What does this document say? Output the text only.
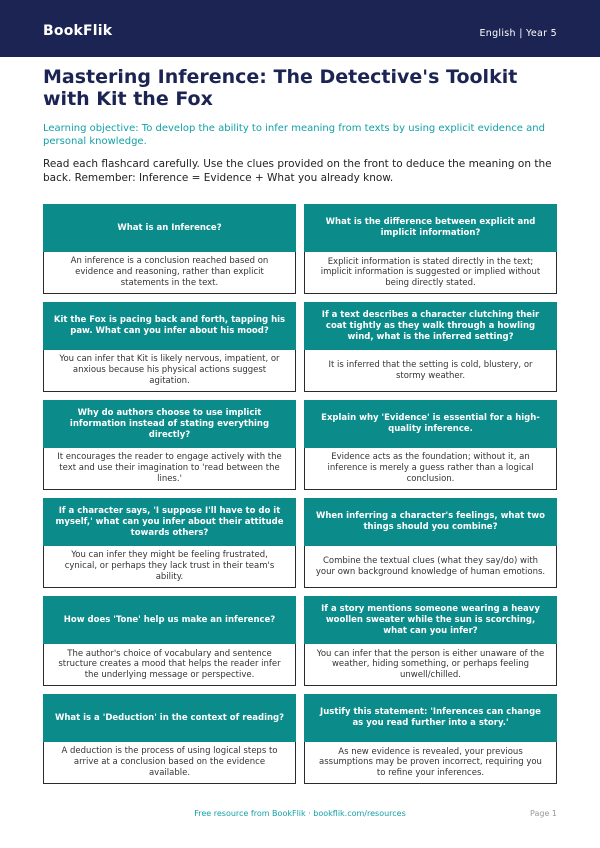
BookFlik	English | Year 5
Mastering Inference: The Detective's Toolkit with Kit the Fox

Learning objective: To develop the ability to infer meaning from texts by using explicit evidence and personal knowledge.

Read each flashcard carefully. Use the clues provided on the front to deduce the meaning on the back. Remember: Inference = Evidence + What you already know.

What is an Inference?
An inference is a conclusion reached based on evidence and reasoning, rather than explicit statements in the text.
What is the difference between explicit and implicit information?
Explicit information is stated directly in the text; implicit information is suggested or implied without being directly stated.
Kit the Fox is pacing back and forth, tapping his paw. What can you infer about his mood?
You can infer that Kit is likely nervous, impatient, or anxious because his physical actions suggest agitation.
If a text describes a character clutching their coat tightly as they walk through a howling wind, what is the inferred setting?
It is inferred that the setting is cold, blustery, or stormy weather.
Why do authors choose to use implicit information instead of stating everything directly?
It encourages the reader to engage actively with the text and use their imagination to 'read between the lines.'
Explain why 'Evidence' is essential for a high-quality inference.
Evidence acts as the foundation; without it, an inference is merely a guess rather than a logical conclusion.
If a character says, 'I suppose I'll have to do it myself,' what can you infer about their attitude towards others?
You can infer they might be feeling frustrated, cynical, or perhaps they lack trust in their team's ability.
When inferring a character's feelings, what two things should you combine?
Combine the textual clues (what they say/do) with your own background knowledge of human emotions.
How does 'Tone' help us make an inference?
The author's choice of vocabulary and sentence structure creates a mood that helps the reader infer the underlying message or perspective.
If a story mentions someone wearing a heavy woollen sweater while the sun is scorching, what can you infer?
You can infer that the person is either unaware of the weather, hiding something, or perhaps feeling unwell/chilled.
What is a 'Deduction' in the context of reading?
A deduction is the process of using logical steps to arrive at a conclusion based on the evidence available.
Justify this statement: 'Inferences can change as you read further into a story.'
As new evidence is revealed, your previous assumptions may be proven incorrect, requiring you to refine your inferences.
Free resource from BookFlik · bookflik.com/resources	Page 1
